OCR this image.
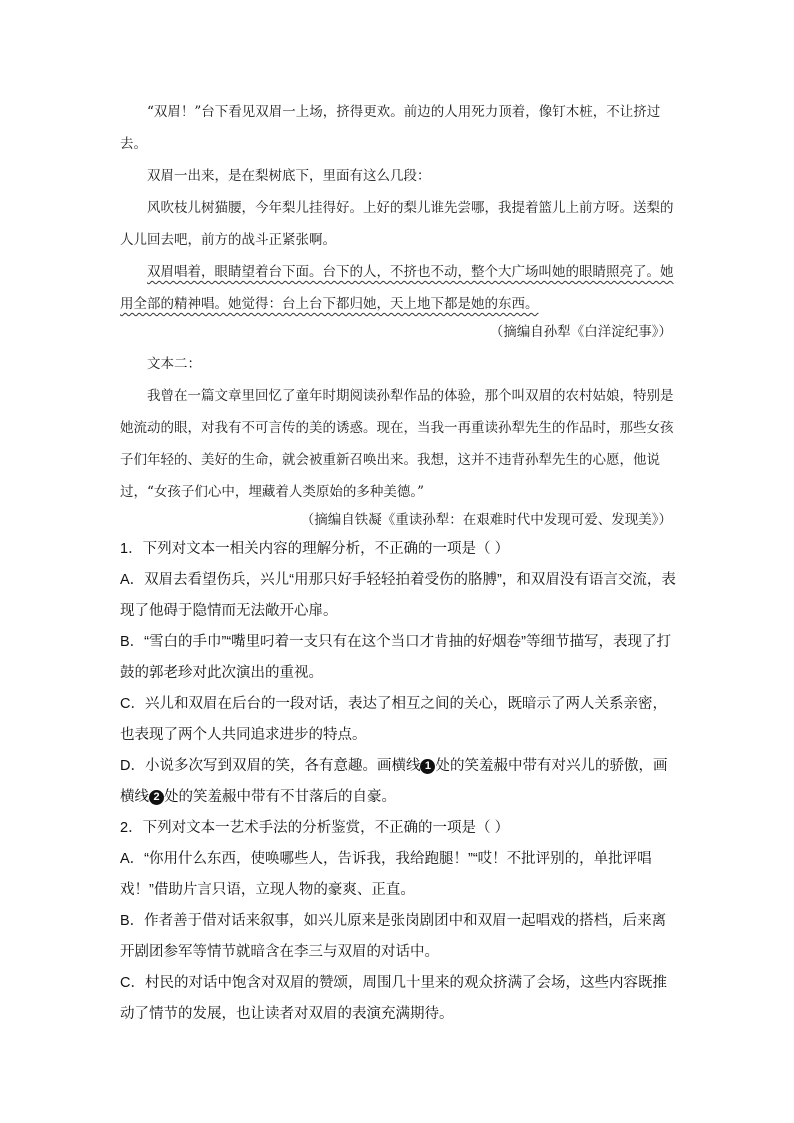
“双眉！”台下看见双眉一上场，挤得更欢。前边的人用死力顶着，像钉木桩，不让挤过去。
双眉一出来，是在梨树底下，里面有这么几段：
风吹枝儿树猫腰，今年梨儿挂得好。上好的梨儿谁先尝哪，我提着篮儿上前方呀。送梨的人儿回去吧，前方的战斗正紧张啊。
双眉唱着，眼睛望着台下面。台下的人，不挤也不动，整个大广场叫她的眼睛照亮了。她用全部的精神唱。她觉得：台上台下都归她，天上地下都是她的东西。
（摘编自孙犁《白洋淀纪事》）
文本二：
我曾在一篇文章里回忆了童年时期阅读孙犁作品的体验，那个叫双眉的农村姑娘，特别是她流动的眼，对我有不可言传的美的诱惑。现在，当我一再重读孙犁先生的作品时，那些女孩子们年轻的、美好的生命，就会被重新召唤出来。我想，这并不违背孙犁先生的心愿，他说过，“女孩子们心中，埋藏着人类原始的多种美德。”
（摘编自铁凝《重读孙犁：在艰难时代中发现可爱、发现美》）
1．下列对文本一相关内容的理解分析，不正确的一项是（ ）
A．双眉去看望伤兵，兴儿“用那只好手轻轻拍着受伤的胳膊”，和双眉没有语言交流，表现了他碍于隐情而无法敞开心扉。
B．“雪白的手巾”“嘴里叼着一支只有在这个当口才肯抽的好烟卷”等细节描写，表现了打鼓的郭老珍对此次演出的重视。
C．兴儿和双眉在后台的一段对话，表达了相互之间的关心，既暗示了两人关系亲密，也表现了两个人共同追求进步的特点。
D．小说多次写到双眉的笑，各有意趣。画横线 1 处的笑羞赧中带有对兴儿的骄傲，画横线 2 处的笑羞赧中带有不甘落后的自豪。
2．下列对文本一艺术手法的分析鉴赏，不正确的一项是（ ）
A．“你用什么东西，使唤哪些人，告诉我，我给跑腿！”“哎！不批评别的，单批评唱戏！”借助片言只语，立现人物的豪爽、正直。
B．作者善于借对话来叙事，如兴儿原来是张岗剧团中和双眉一起唱戏的搭档，后来离开剧团参军等情节就暗含在李三与双眉的对话中。
C．村民的对话中饱含对双眉的赞颂，周围几十里来的观众挤满了会场，这些内容既推动了情节的发展，也让读者对双眉的表演充满期待。
